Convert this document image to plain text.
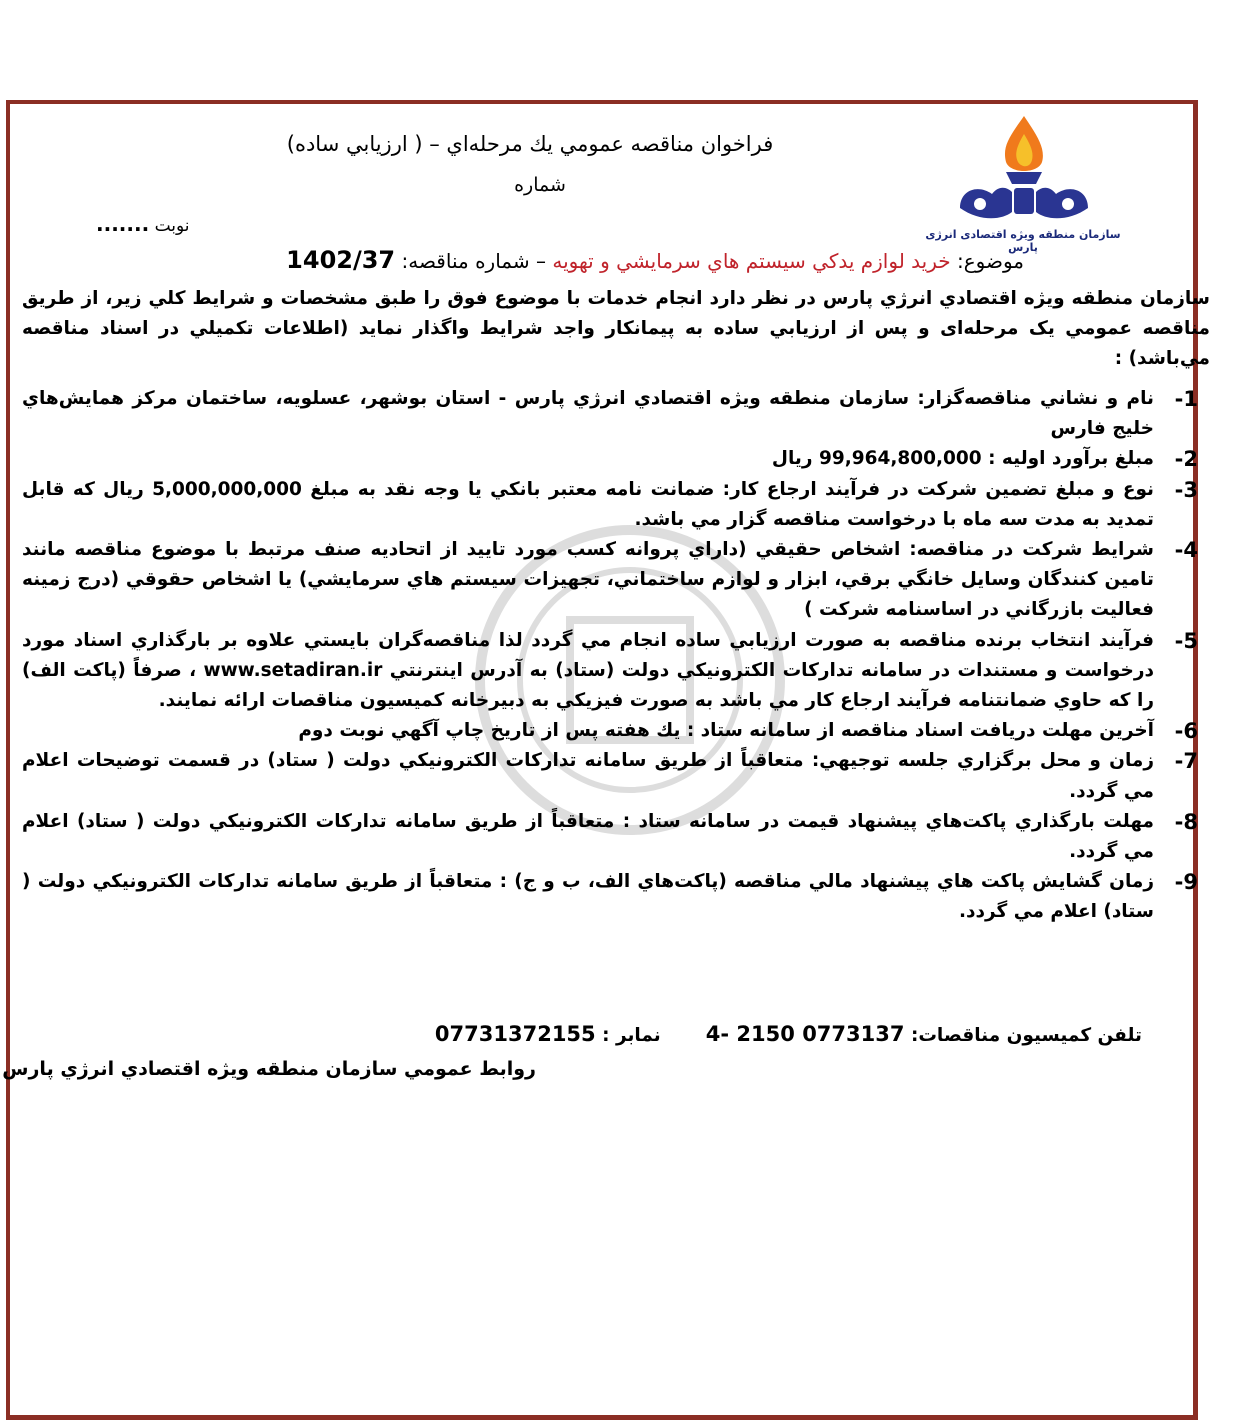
سازمان منطقه ویژه اقتصادی انرژی پارس
فراخوان مناقصه عمومي يك مرحله‌اي – ( ارزيابي ساده)
شماره
نوبت .......
موضوع: خريد لوازم يدكي سيستم هاي سرمايشي و تهويه – شماره مناقصه: 1402/37
سازمان منطقه ويژه اقتصادي انرژي پارس در نظر دارد انجام خدمات با موضوع فوق را طبق مشخصات و شرايط كلي زير، از طريق مناقصه عمومي یک مرحله‌ای و پس از ارزيابي ساده به پيمانكار واجد شرايط واگذار نمايد (اطلاعات تكميلي در اسناد مناقصه مي‌باشد) :
1-
نام و نشاني مناقصه‌گزار: سازمان منطقه ويژه اقتصادي انرژي پارس - استان بوشهر، عسلويه، ساختمان مركز همايش‌هاي خليج فارس
2-
مبلغ برآورد اوليه : 99,964,800,000 ريال
3-
نوع و مبلغ تضمين شركت در فرآيند ارجاع كار: ضمانت نامه معتبر بانكي يا وجه نقد به مبلغ 5,000,000,000 ريال كه قابل تمديد به مدت سه ماه با درخواست مناقصه گزار مي باشد.
4-
شرايط شركت در مناقصه: اشخاص حقيقي (داراي پروانه كسب مورد تاييد از اتحاديه صنف مرتبط با موضوع مناقصه مانند تامين كنندگان وسايل خانگي برقي، ابزار و لوازم ساختماني، تجهيزات سيستم هاي سرمايشي) يا اشخاص حقوقي (درج زمينه فعاليت بازرگاني در اساسنامه شركت )
5-
فرآيند انتخاب برنده مناقصه به صورت ارزيابي ساده انجام مي گردد لذا مناقصه‌گران بايستي علاوه بر بارگذاري اسناد مورد درخواست و مستندات در سامانه تداركات الكترونيكي دولت (ستاد) به آدرس اينترنتي www.setadiran.ir ، صرفاً (پاكت الف) را كه حاوي ضمانتنامه فرآيند ارجاع كار مي باشد به صورت فيزيكي به دبيرخانه كميسيون مناقصات ارائه نمايند.
6-
آخرين مهلت دريافت اسناد مناقصه از سامانه ستاد : يك هفته پس از تاريخ چاپ آگهي نوبت دوم
7-
زمان و محل برگزاري جلسه توجيهي: متعاقباً از طريق سامانه تداركات الكترونيكي دولت ( ستاد) در قسمت توضيحات اعلام مي گردد.
8-
مهلت بارگذاري پاكت‌هاي پيشنهاد قيمت در سامانه ستاد : متعاقباً از طريق سامانه تداركات الكترونيكي دولت ( ستاد) اعلام مي گردد.
9-
زمان گشايش پاكت هاي پيشنهاد مالي مناقصه (پاكت‌هاي الف، ب و ج) : متعاقباً از طريق سامانه تداركات الكترونيكي دولت ( ستاد) اعلام مي گردد.
تلفن كميسيون مناقصات: 4- 2150 0773137       نمابر : 07731372155
روابط عمومي سازمان منطقه ويژه اقتصادي انرژي پارس
